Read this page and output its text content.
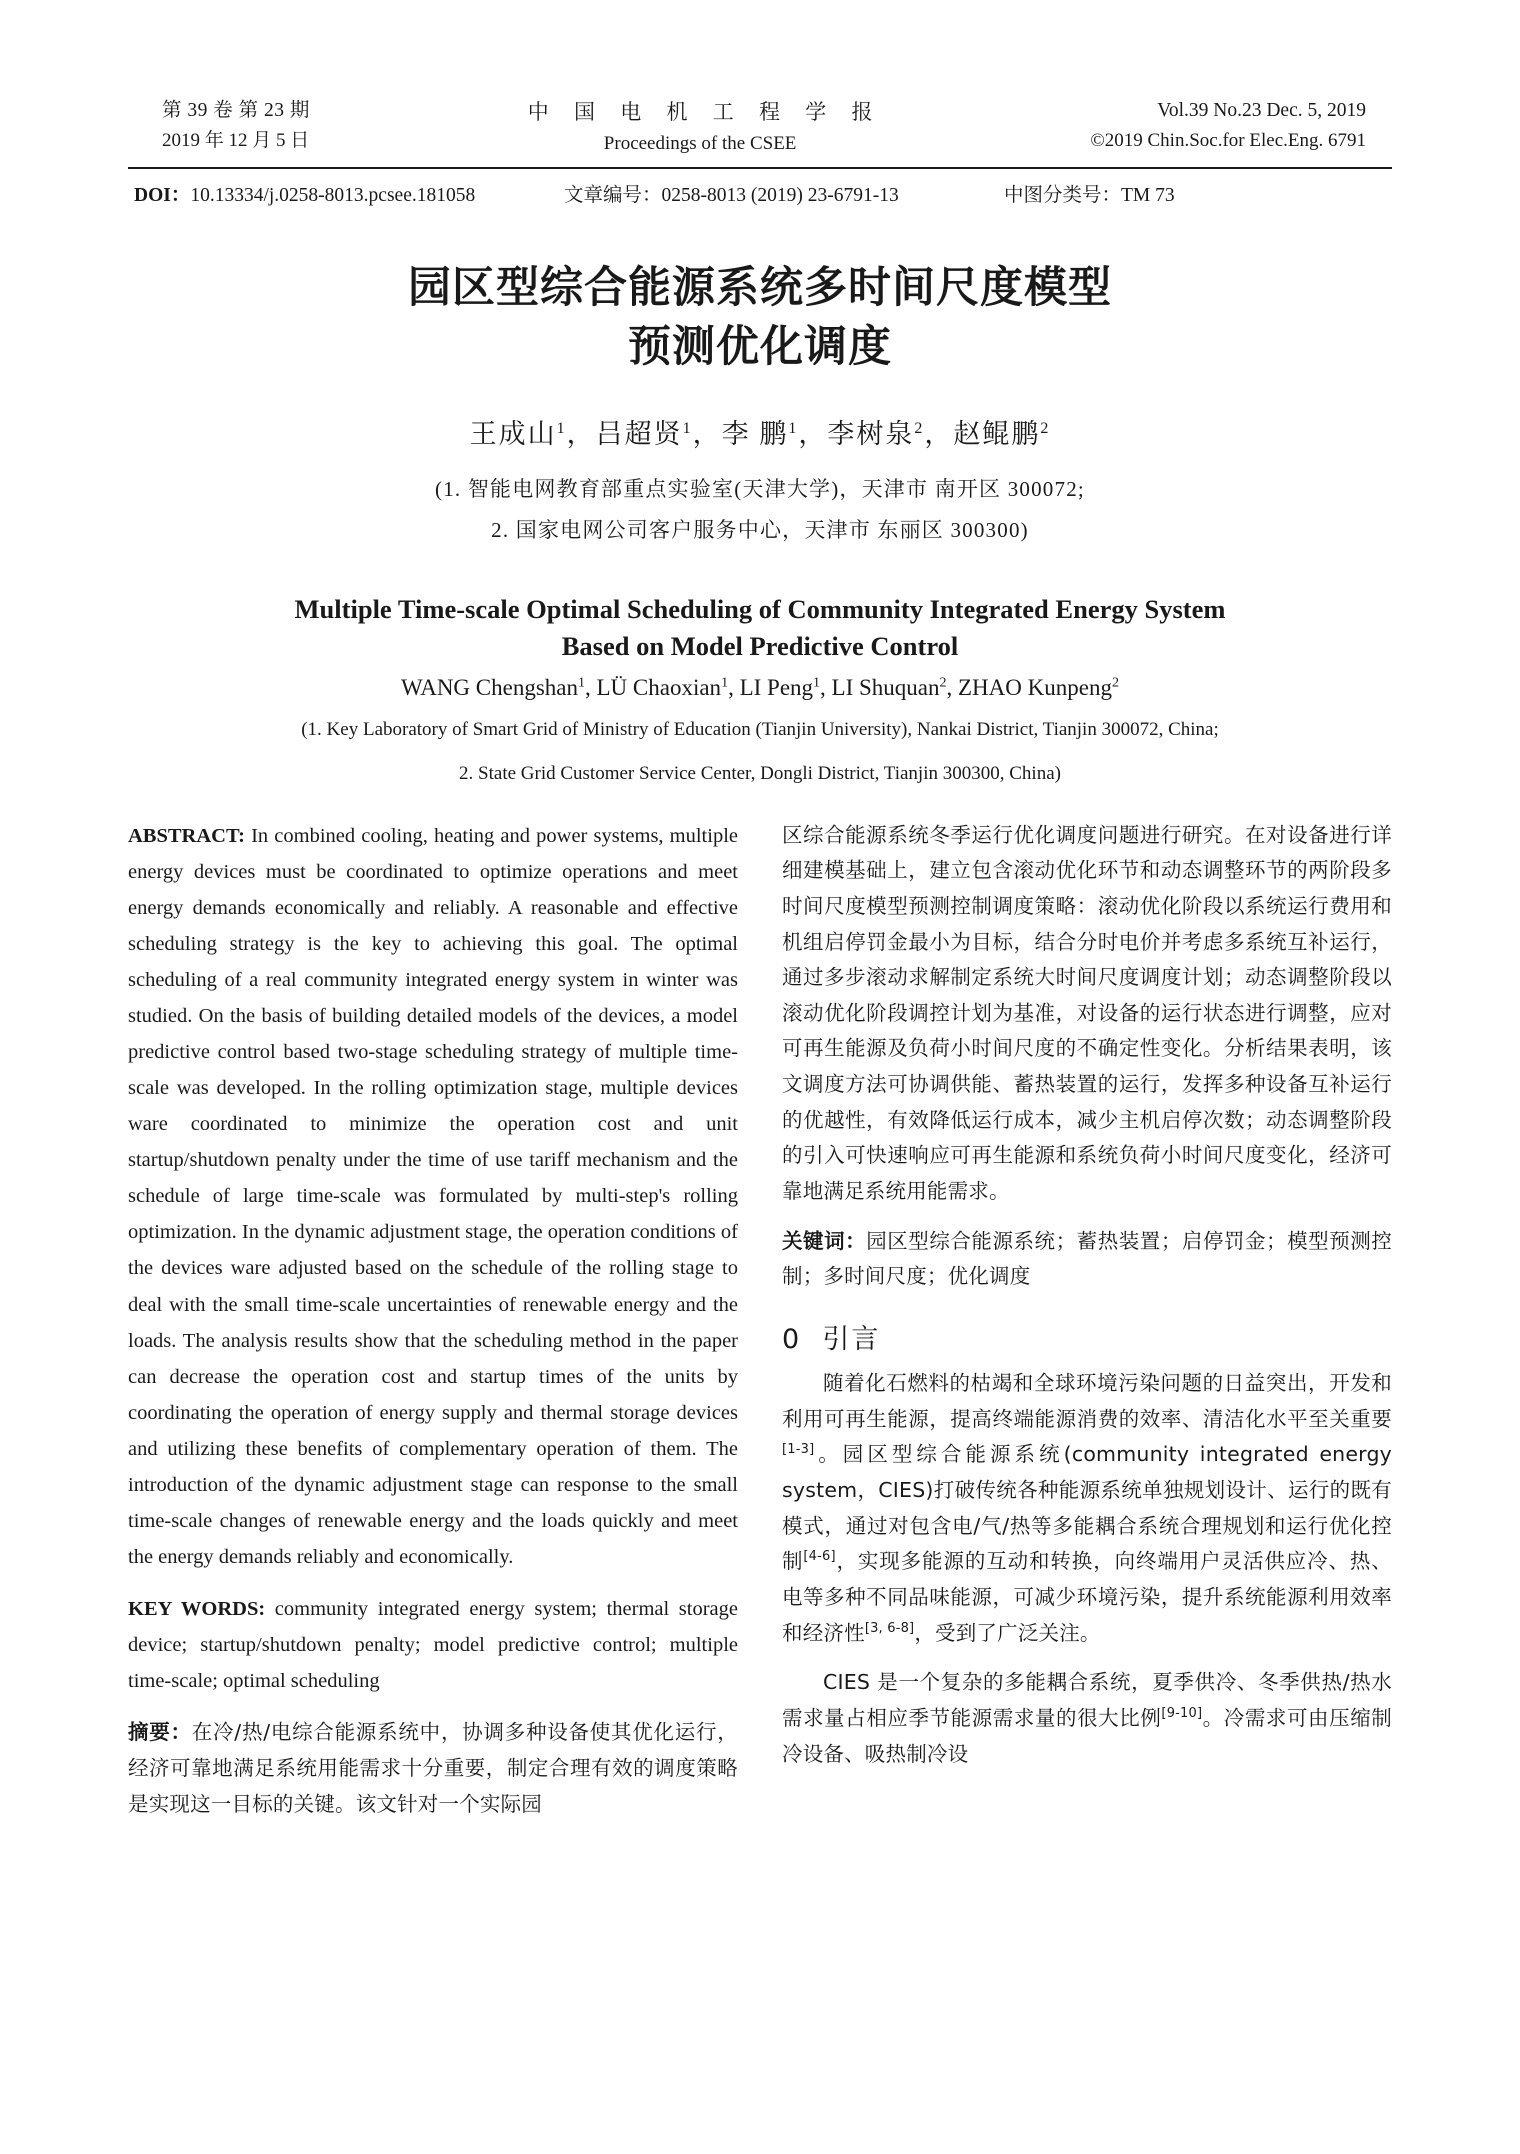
第 39 卷 第 23 期
2019 年 12 月 5 日
中 国 电 机 工 程 学 报
Proceedings of the CSEE
Vol.39 No.23 Dec. 5, 2019
©2019 Chin.Soc.for Elec.Eng. 6791
DOI：10.13334/j.0258-8013.pcsee.181058	文章编号：0258-8013 (2019) 23-6791-13	中图分类号：TM 73
园区型综合能源系统多时间尺度模型
预测优化调度
王成山$^1$，吕超贤$^1$，李 鹏$^1$，李树泉$^2$，赵鲲鹏$^2$
(1. 智能电网教育部重点实验室(天津大学)，天津市 南开区 300072;
2. 国家电网公司客户服务中心，天津市 东丽区 300300)
Multiple Time-scale Optimal Scheduling of Community Integrated Energy System
Based on Model Predictive Control
WANG Chengshan$^1$, LÜ Chaoxian$^1$, LI Peng$^1$, LI Shuquan$^2$, ZHAO Kunpeng$^2$
(1. Key Laboratory of Smart Grid of Ministry of Education (Tianjin University), Nankai District, Tianjin 300072, China;
2. State Grid Customer Service Center, Dongli District, Tianjin 300300, China)

ABSTRACT: In combined cooling, heating and power systems, multiple energy devices must be coordinated to optimize operations and meet energy demands economically and reliably. A reasonable and effective scheduling strategy is the key to achieving this goal. The optimal scheduling of a real community integrated energy system in winter was studied. On the basis of building detailed models of the devices, a model predictive control based two-stage scheduling strategy of multiple time-scale was developed. In the rolling optimization stage, multiple devices ware coordinated to minimize the operation cost and unit startup/shutdown penalty under the time of use tariff mechanism and the schedule of large time-scale was formulated by multi-step's rolling optimization. In the dynamic adjustment stage, the operation conditions of the devices ware adjusted based on the schedule of the rolling stage to deal with the small time-scale uncertainties of renewable energy and the loads. The analysis results show that the scheduling method in the paper can decrease the operation cost and startup times of the units by coordinating the operation of energy supply and thermal storage devices and utilizing these benefits of complementary operation of them. The introduction of the dynamic adjustment stage can response to the small time-scale changes of renewable energy and the loads quickly and meet the energy demands reliably and economically.

KEY WORDS: community integrated energy system; thermal storage device; startup/shutdown penalty; model predictive control; multiple time-scale; optimal scheduling

摘要：在冷/热/电综合能源系统中，协调多种设备使其优化运行，经济可靠地满足系统用能需求十分重要，制定合理有效的调度策略是实现这一目标的关键。该文针对一个实际园

区综合能源系统冬季运行优化调度问题进行研究。在对设备进行详细建模基础上，建立包含滚动优化环节和动态调整环节的两阶段多时间尺度模型预测控制调度策略：滚动优化阶段以系统运行费用和机组启停罚金最小为目标，结合分时电价并考虑多系统互补运行，通过多步滚动求解制定系统大时间尺度调度计划；动态调整阶段以滚动优化阶段调控计划为基准，对设备的运行状态进行调整，应对可再生能源及负荷小时间尺度的不确定性变化。分析结果表明，该文调度方法可协调供能、蓄热装置的运行，发挥多种设备互补运行的优越性，有效降低运行成本，减少主机启停次数；动态调整阶段的引入可快速响应可再生能源和系统负荷小时间尺度变化，经济可靠地满足系统用能需求。

关键词：园区型综合能源系统；蓄热装置；启停罚金；模型预测控制；多时间尺度；优化调度

0 引言

随着化石燃料的枯竭和全球环境污染问题的日益突出，开发和利用可再生能源，提高终端能源消费的效率、清洁化水平至关重要[1-3]。园区型综合能源系统(community integrated energy system，CIES)打破传统各种能源系统单独规划设计、运行的既有模式，通过对包含电/气/热等多能耦合系统合理规划和运行优化控制[4-6]，实现多能源的互动和转换，向终端用户灵活供应冷、热、电等多种不同品味能源，可减少环境污染，提升系统能源利用效率和经济性[3, 6-8]，受到了广泛关注。

CIES 是一个复杂的多能耦合系统，夏季供冷、冬季供热/热水需求量占相应季节能源需求量的很大比例[9-10]。冷需求可由压缩制冷设备、吸热制冷设
